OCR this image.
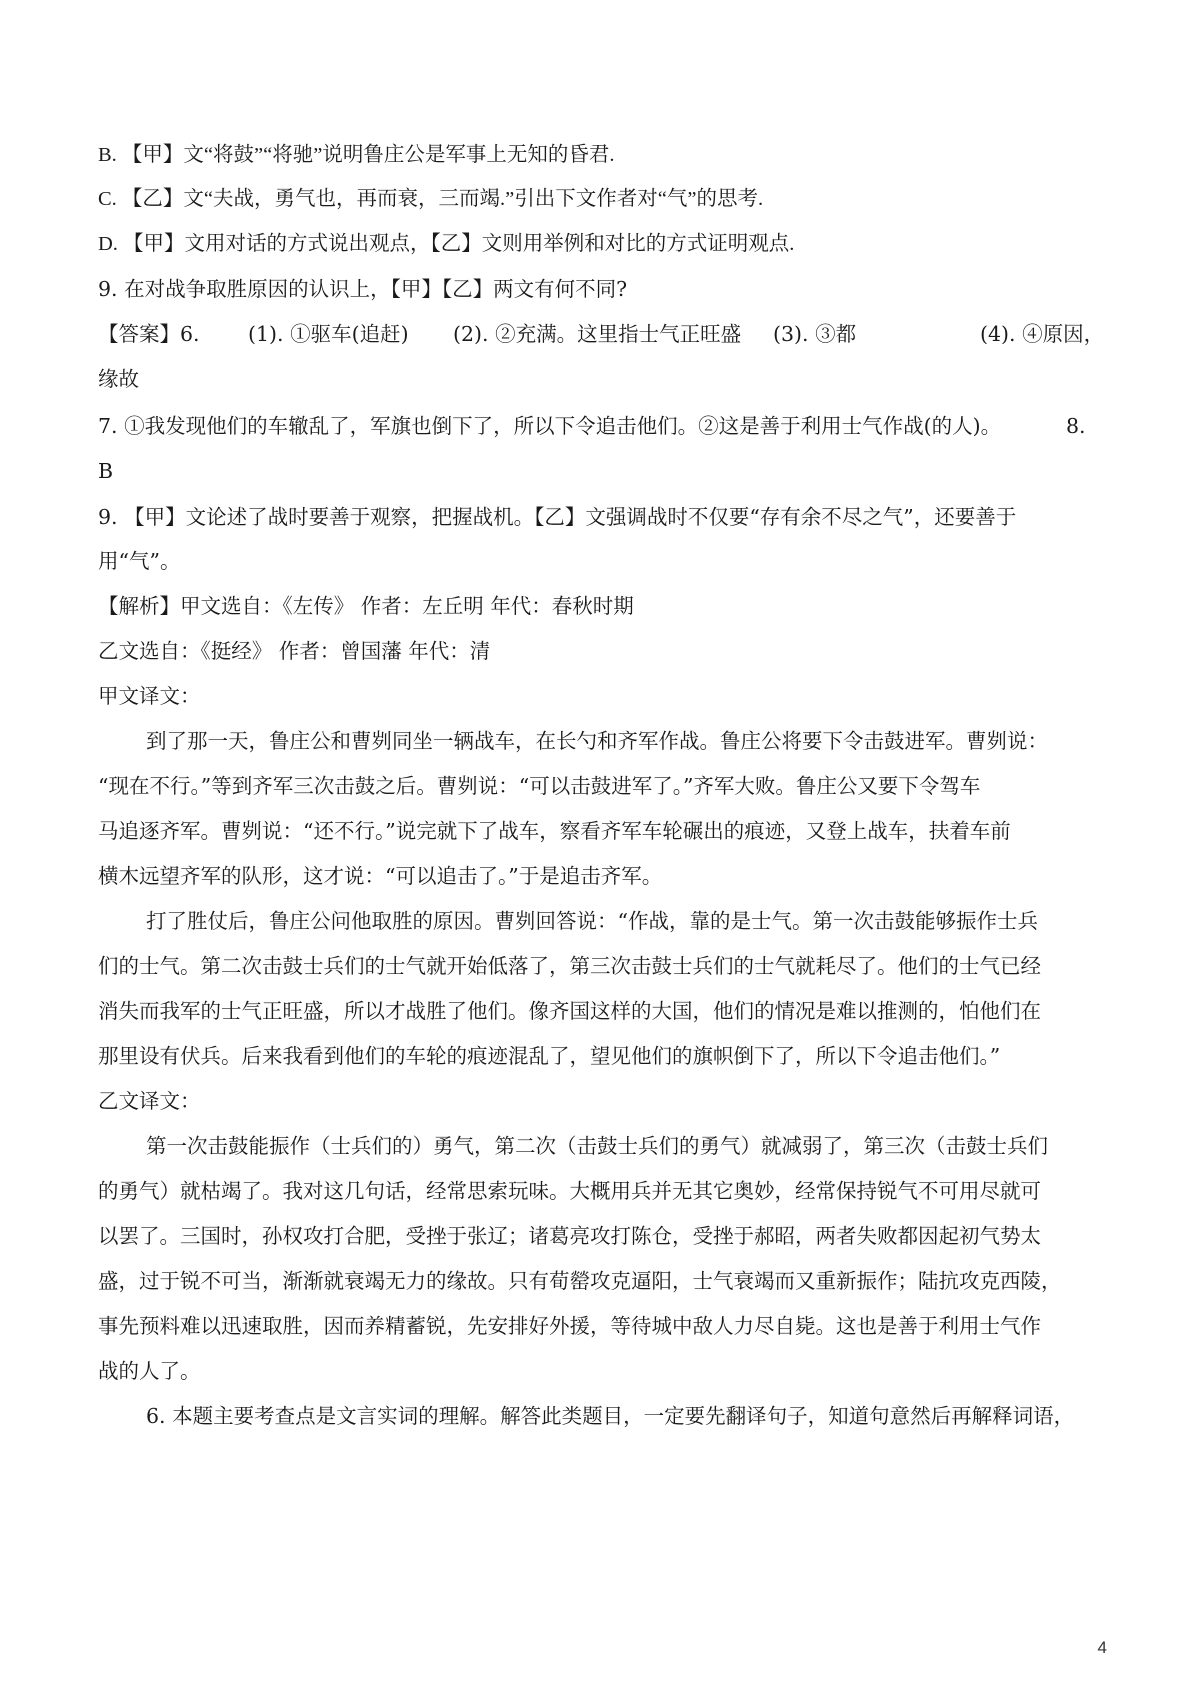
B. 【甲】文“将鼓”“将驰”说明鲁庄公是军事上无知的昏君.
C. 【乙】文“夫战，勇气也，再而衰，三而竭.”引出下文作者对“气”的思考.
D. 【甲】文用对话的方式说出观点，【乙】文则用举例和对比的方式证明观点.
9. 在对战争取胜原因的认识上，【甲】【乙】两文有何不同?
【答案】6. (1). ①驱车(追赶) (2). ②充满。这里指士气正旺盛 (3). ③都	(4). ④原因，
缘故
7. ①我发现他们的车辙乱了，军旗也倒下了，所以下令追击他们。②这是善于利用士气作战(的人)。	8.
B
9. 【甲】文论述了战时要善于观察，把握战机。【乙】文强调战时不仅要“存有余不尽之气”，还要善于
用“气”。
【解析】甲文选自：《左传》 作者：左丘明 年代：春秋时期
乙文选自：《挺经》 作者：曾国藩 年代：清
甲文译文：
到了那一天，鲁庄公和曹刿同坐一辆战车，在长勺和齐军作战。鲁庄公将要下令击鼓进军。曹刿说：
“现在不行。”等到齐军三次击鼓之后。曹刿说：“可以击鼓进军了。”齐军大败。鲁庄公又要下令驾车
马追逐齐军。曹刿说：“还不行。”说完就下了战车，察看齐军车轮碾出的痕迹，又登上战车，扶着车前
横木远望齐军的队形，这才说：“可以追击了。”于是追击齐军。
打了胜仗后，鲁庄公问他取胜的原因。曹刿回答说：“作战，靠的是士气。第一次击鼓能够振作士兵
们的士气。第二次击鼓士兵们的士气就开始低落了，第三次击鼓士兵们的士气就耗尽了。他们的士气已经
消失而我军的士气正旺盛，所以才战胜了他们。像齐国这样的大国，他们的情况是难以推测的，怕他们在
那里设有伏兵。后来我看到他们的车轮的痕迹混乱了，望见他们的旗帜倒下了，所以下令追击他们。”
乙文译文：
第一次击鼓能振作（士兵们的）勇气，第二次（击鼓士兵们的勇气）就减弱了，第三次（击鼓士兵们
的勇气）就枯竭了。我对这几句话，经常思索玩味。大概用兵并无其它奥妙，经常保持锐气不可用尽就可
以罢了。三国时，孙权攻打合肥，受挫于张辽；诸葛亮攻打陈仓，受挫于郝昭，两者失败都因起初气势太
盛，过于锐不可当，渐渐就衰竭无力的缘故。只有荀罃攻克逼阳，士气衰竭而又重新振作；陆抗攻克西陵，
事先预料难以迅速取胜，因而养精蓄锐，先安排好外援，等待城中敌人力尽自毙。这也是善于利用士气作
战的人了。
6. 本题主要考查点是文言实词的理解。解答此类题目，一定要先翻译句子，知道句意然后再解释词语，
4
